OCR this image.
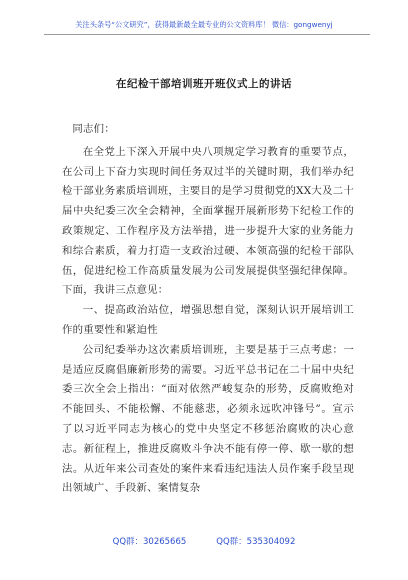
关注头条号“公文研究”，获得最新最全最专业的公文资料库！ 微信：gongwenyj
在纪检干部培训班开班仪式上的讲话

同志们：

在全党上下深入开展中央八项规定学习教育的重要节点，在公司上下奋力实现时间任务双过半的关键时期，我们举办纪检干部业务素质培训班，主要目的是学习贯彻党的XX大及二十届中央纪委三次全会精神，全面掌握开展新形势下纪检工作的政策规定、工作程序及方法举措，进一步提升大家的业务能力和综合素质，着力打造一支政治过硬、本领高强的纪检干部队伍，促进纪检工作高质量发展为公司发展提供坚强纪律保障。下面，我讲三点意见：

一、提高政治站位，增强思想自觉，深刻认识开展培训工作的重要性和紧迫性

公司纪委举办这次素质培训班，主要是基于三点考虑：一是适应反腐倡廉新形势的需要。习近平总书记在二十届中央纪委三次全会上指出：“面对依然严峻复杂的形势，反腐败绝对不能回头、不能松懈、不能慈悲，必须永远吹冲锋号”。宣示了以习近平同志为核心的党中央坚定不移惩治腐败的决心意志。新征程上，推进反腐败斗争决不能有停一停、歇一歇的想法。从近年来公司查处的案件来看违纪违法人员作案手段呈现出领域广、手段新、案情复杂

QQ群：30265665	QQ群：535304092
